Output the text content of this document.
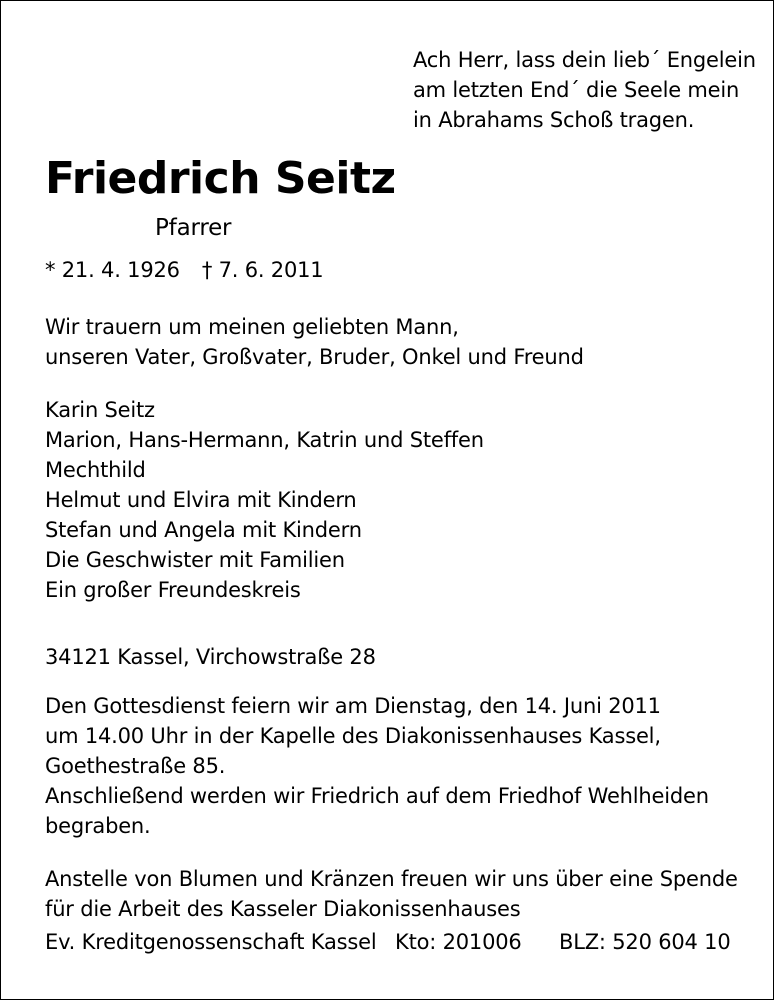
Ach Herr, lass dein lieb´ Engelein
am letzten End´ die Seele mein
in Abrahams Schoß tragen.
Friedrich Seitz
Pfarrer
* 21. 4. 1926 † 7. 6. 2011
Wir trauern um meinen geliebten Mann,
unseren Vater, Großvater, Bruder, Onkel und Freund
Karin Seitz
Marion, Hans-Hermann, Katrin und Steffen
Mechthild
Helmut und Elvira mit Kindern
Stefan und Angela mit Kindern
Die Geschwister mit Familien
Ein großer Freundeskreis
34121 Kassel, Virchowstraße 28
Den Gottesdienst feiern wir am Dienstag, den 14. Juni 2011
um 14.00 Uhr in der Kapelle des Diakonissenhauses Kassel,
Goethestraße 85.
Anschließend werden wir Friedrich auf dem Friedhof Wehlheiden
begraben.
Anstelle von Blumen und Kränzen freuen wir uns über eine Spende
für die Arbeit des Kasseler Diakonissenhauses
Ev. Kreditgenossenschaft Kassel Kto: 201006 BLZ: 520 604 10
